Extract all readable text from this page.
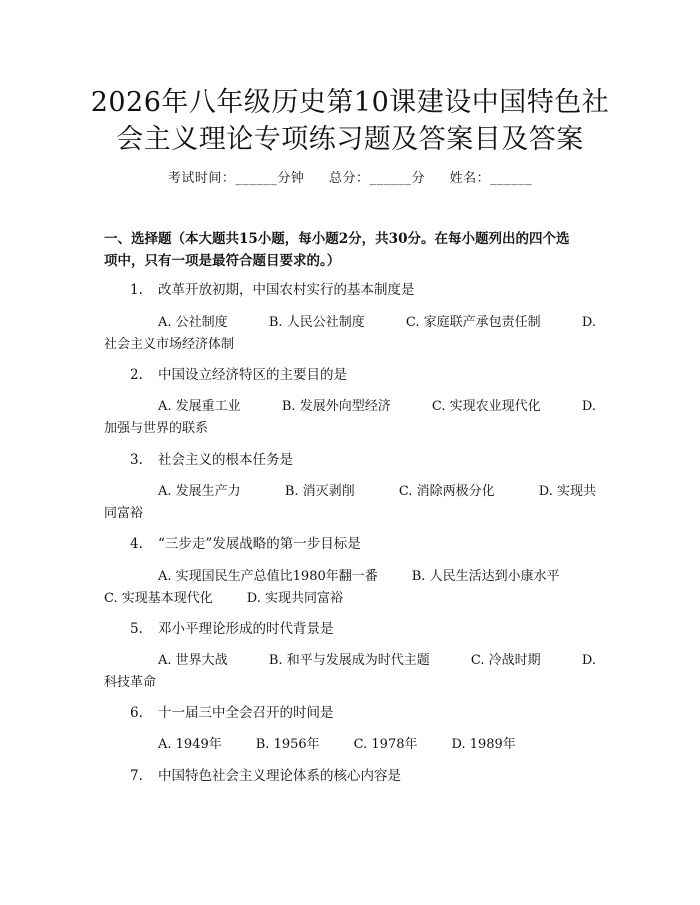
2026年八年级历史第10课建设中国特色社
会主义理论专项练习题及答案目及答案
考试时间：______分钟 总分：______分 姓名：______
一、选择题（本大题共15小题，每小题2分，共30分。在每小题列出的四个选
项中，只有一项是最符合题目要求的。）
1. 改革开放初期，中国农村实行的基本制度是
A. 公社制度	B. 人民公社制度	C. 家庭联产承包责任制	D.
社会主义市场经济体制
2. 中国设立经济特区的主要目的是
A. 发展重工业	B. 发展外向型经济	C. 实现农业现代化	D.
加强与世界的联系
3. 社会主义的根本任务是
A. 发展生产力	B. 消灭剥削	C. 消除两极分化	D. 实现共
同富裕
4. “三步走”发展战略的第一步目标是
A. 实现国民生产总值比1980年翻一番	B. 人民生活达到小康水平
C. 实现基本现代化	D. 实现共同富裕
5. 邓小平理论形成的时代背景是
A. 世界大战	B. 和平与发展成为时代主题	C. 冷战时期	D.
科技革命
6. 十一届三中全会召开的时间是
A. 1949年	B. 1956年	C. 1978年	D. 1989年
7. 中国特色社会主义理论体系的核心内容是
